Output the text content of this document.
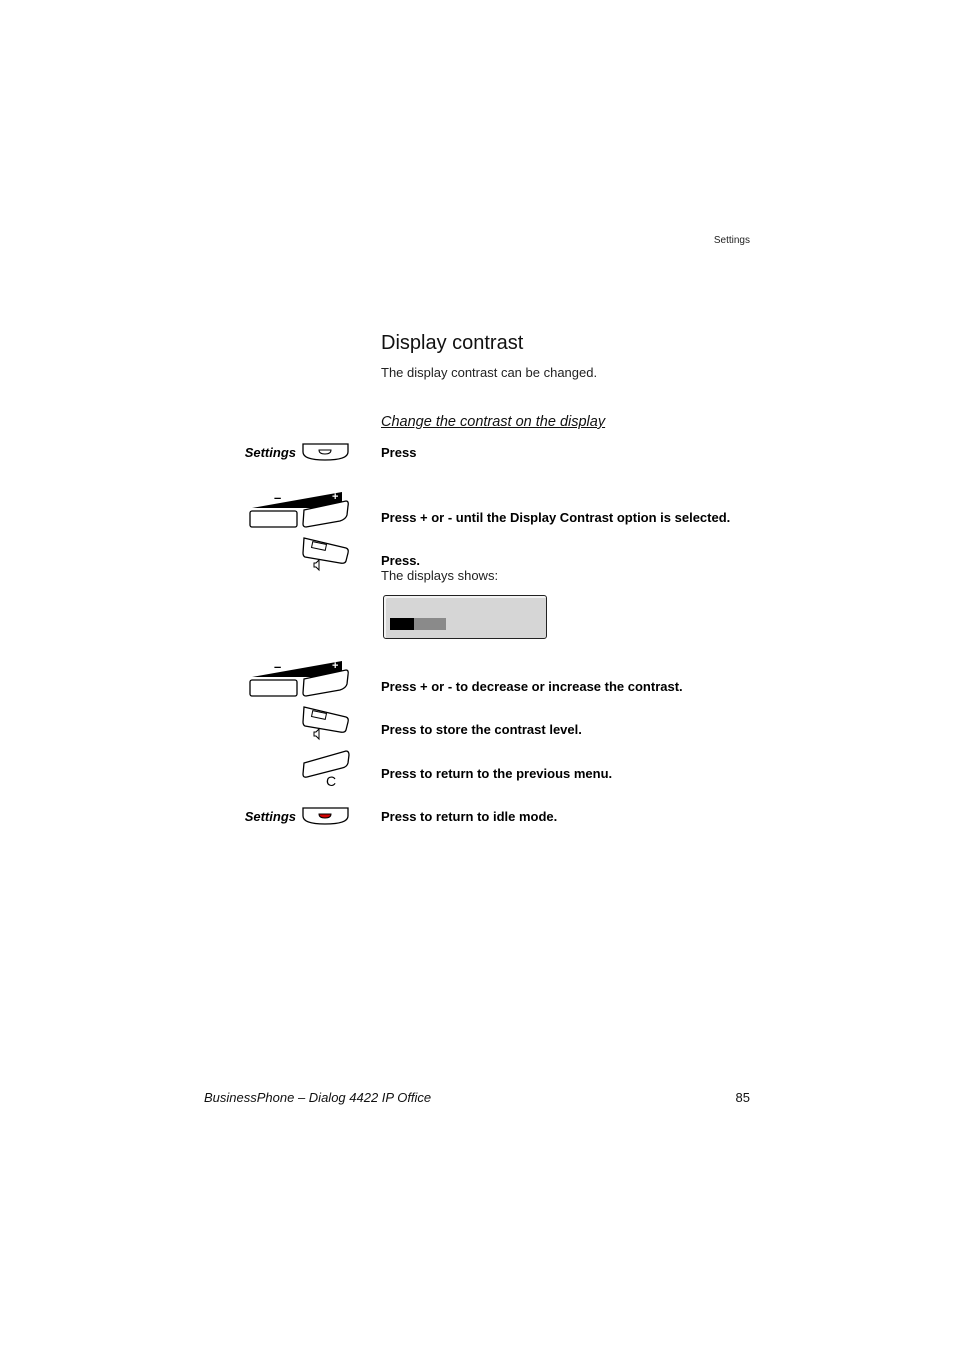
Settings
Display contrast
The display contrast can be changed.
Change the contrast on the display
Settings	Press
–	+
Press + or - until the Display Contrast option is selected.
Press.
The displays shows:
–	+
Press + or - to decrease or increase the contrast.
Press to store the contrast level.
C	Press to return to the previous menu.
Settings	Press to return to idle mode.
BusinessPhone – Dialog 4422 IP Office	85
